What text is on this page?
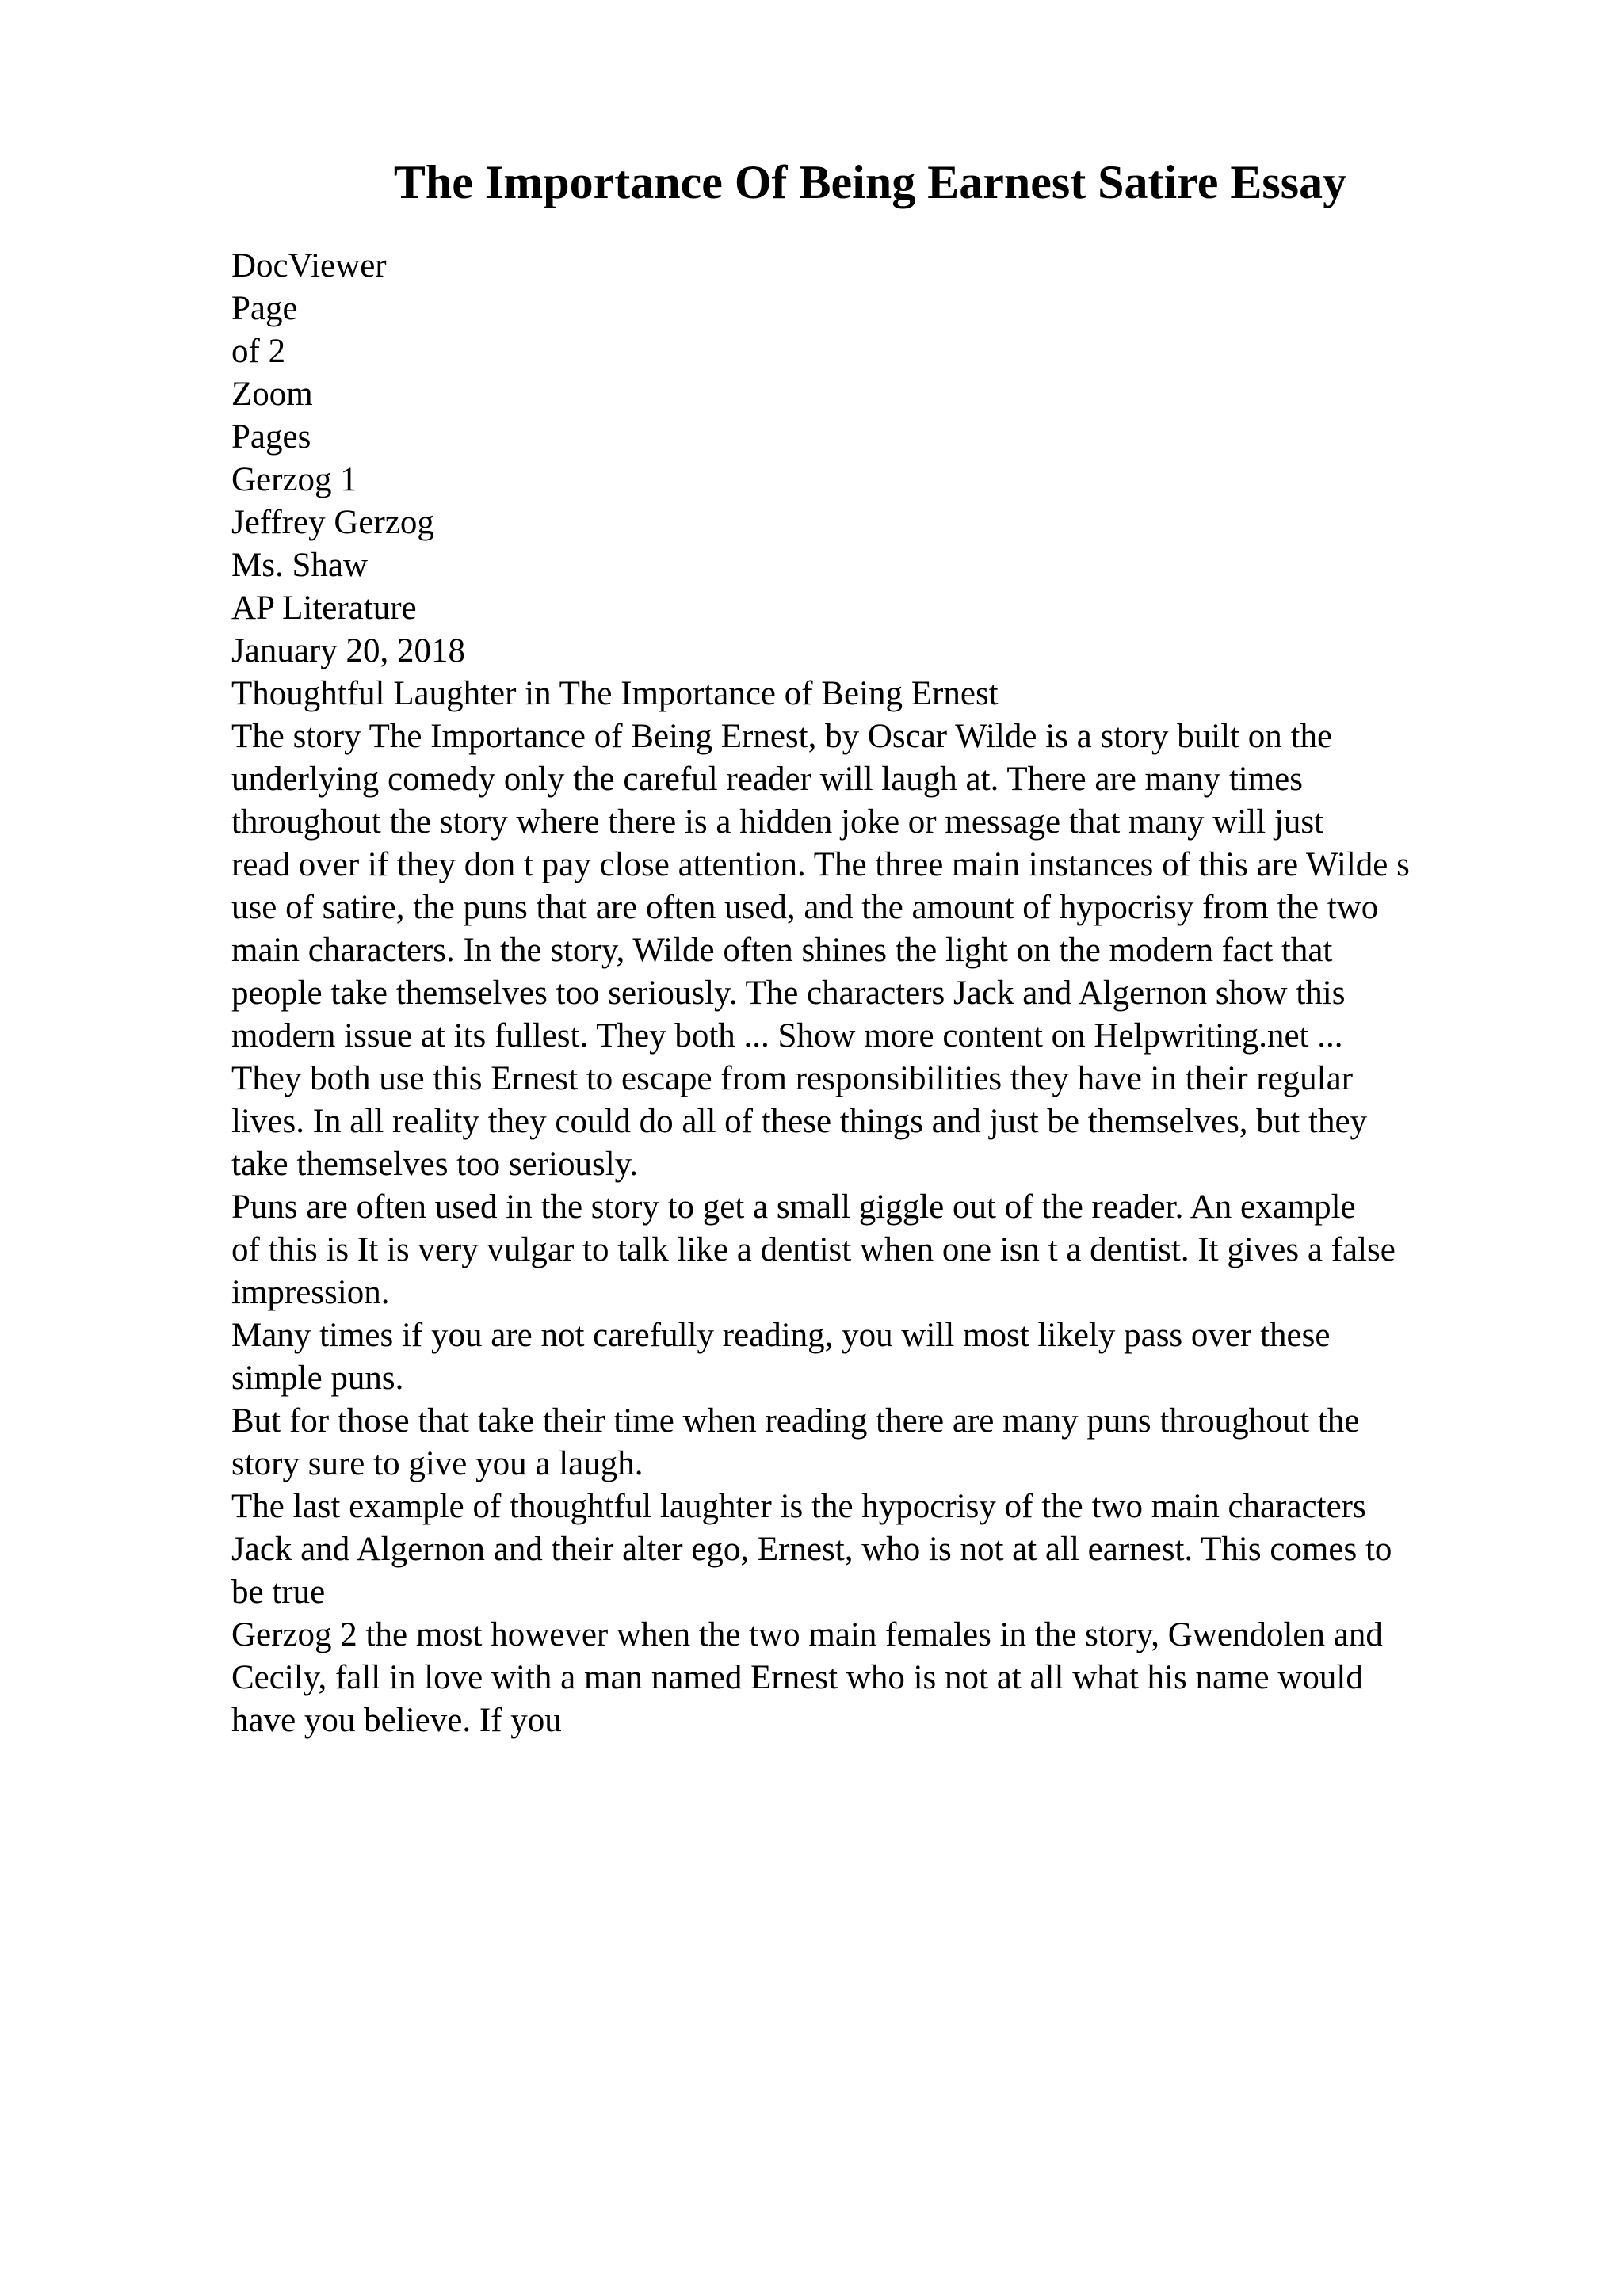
The Importance Of Being Earnest Satire Essay
DocViewer
Page
of 2
Zoom
Pages
Gerzog 1
Jeffrey Gerzog
Ms. Shaw
AP Literature
January 20, 2018
Thoughtful Laughter in The Importance of Being Ernest
The story The Importance of Being Ernest, by Oscar Wilde is a story built on the
underlying comedy only the careful reader will laugh at. There are many times
throughout the story where there is a hidden joke or message that many will just
read over if they don t pay close attention. The three main instances of this are Wilde s
use of satire, the puns that are often used, and the amount of hypocrisy from the two
main characters. In the story, Wilde often shines the light on the modern fact that
people take themselves too seriously. The characters Jack and Algernon show this
modern issue at its fullest. They both ... Show more content on Helpwriting.net ...
They both use this Ernest to escape from responsibilities they have in their regular
lives. In all reality they could do all of these things and just be themselves, but they
take themselves too seriously.
Puns are often used in the story to get a small giggle out of the reader. An example
of this is It is very vulgar to talk like a dentist when one isn t a dentist. It gives a false
impression.
Many times if you are not carefully reading, you will most likely pass over these
simple puns.
But for those that take their time when reading there are many puns throughout the
story sure to give you a laugh.
The last example of thoughtful laughter is the hypocrisy of the two main characters
Jack and Algernon and their alter ego, Ernest, who is not at all earnest. This comes to
be true
Gerzog 2 the most however when the two main females in the story, Gwendolen and
Cecily, fall in love with a man named Ernest who is not at all what his name would
have you believe. If you
